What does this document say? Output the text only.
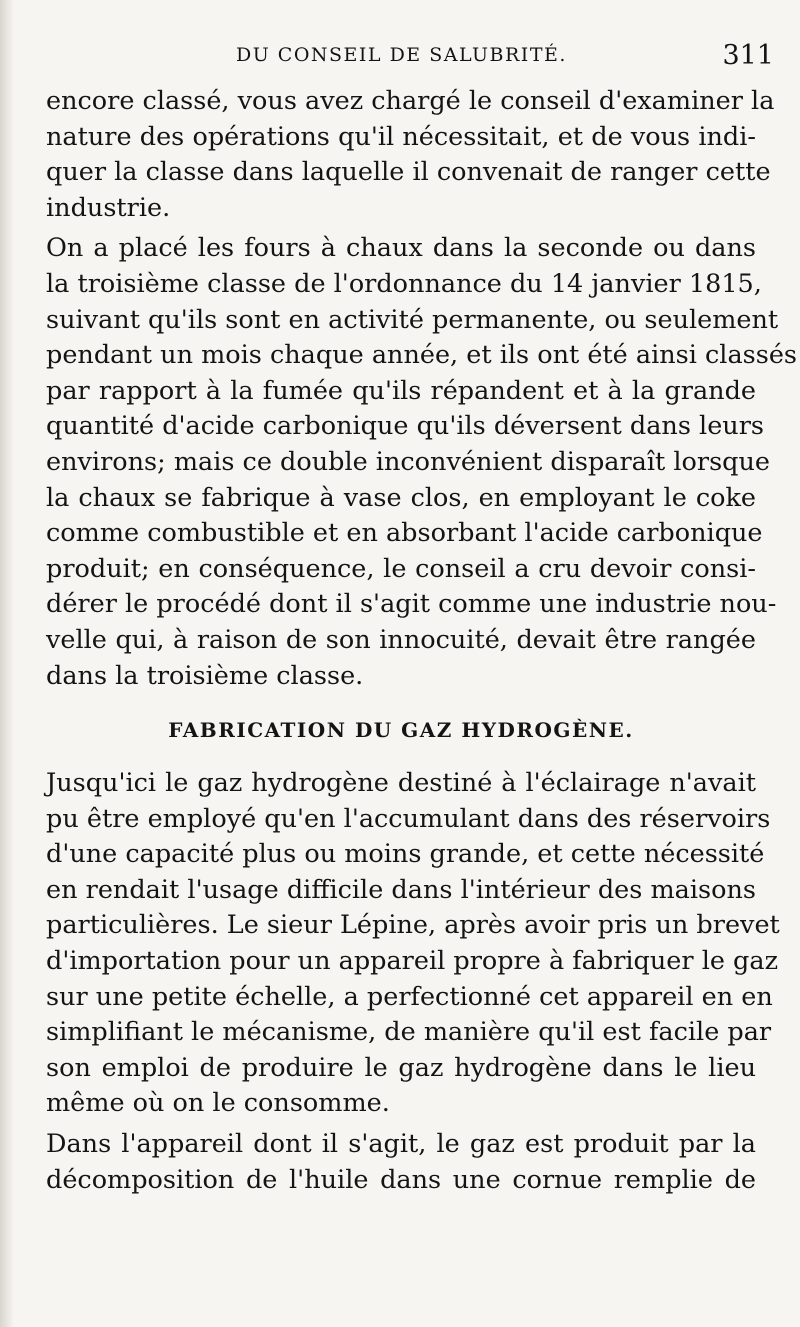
DU CONSEIL DE SALUBRITÉ.	311
encore classé, vous avez chargé le conseil d'examiner la
nature des opérations qu'il nécessitait, et de vous indi-
quer la classe dans laquelle il convenait de ranger cette
industrie.
On a placé les fours à chaux dans la seconde ou dans
la troisième classe de l'ordonnance du 14 janvier 1815,
suivant qu'ils sont en activité permanente, ou seulement
pendant un mois chaque année, et ils ont été ainsi classés
par rapport à la fumée qu'ils répandent et à la grande
quantité d'acide carbonique qu'ils déversent dans leurs
environs; mais ce double inconvénient disparaît lorsque
la chaux se fabrique à vase clos, en employant le coke
comme combustible et en absorbant l'acide carbonique
produit; en conséquence, le conseil a cru devoir consi-
dérer le procédé dont il s'agit comme une industrie nou-
velle qui, à raison de son innocuité, devait être rangée
dans la troisième classe.
FABRICATION DU GAZ HYDROGÈNE.
Jusqu'ici le gaz hydrogène destiné à l'éclairage n'avait
pu être employé qu'en l'accumulant dans des réservoirs
d'une capacité plus ou moins grande, et cette nécessité
en rendait l'usage difficile dans l'intérieur des maisons
particulières. Le sieur Lépine, après avoir pris un brevet
d'importation pour un appareil propre à fabriquer le gaz
sur une petite échelle, a perfectionné cet appareil en en
simplifiant le mécanisme, de manière qu'il est facile par
son emploi de produire le gaz hydrogène dans le lieu
même où on le consomme.
Dans l'appareil dont il s'agit, le gaz est produit par la
décomposition de l'huile dans une cornue remplie de
